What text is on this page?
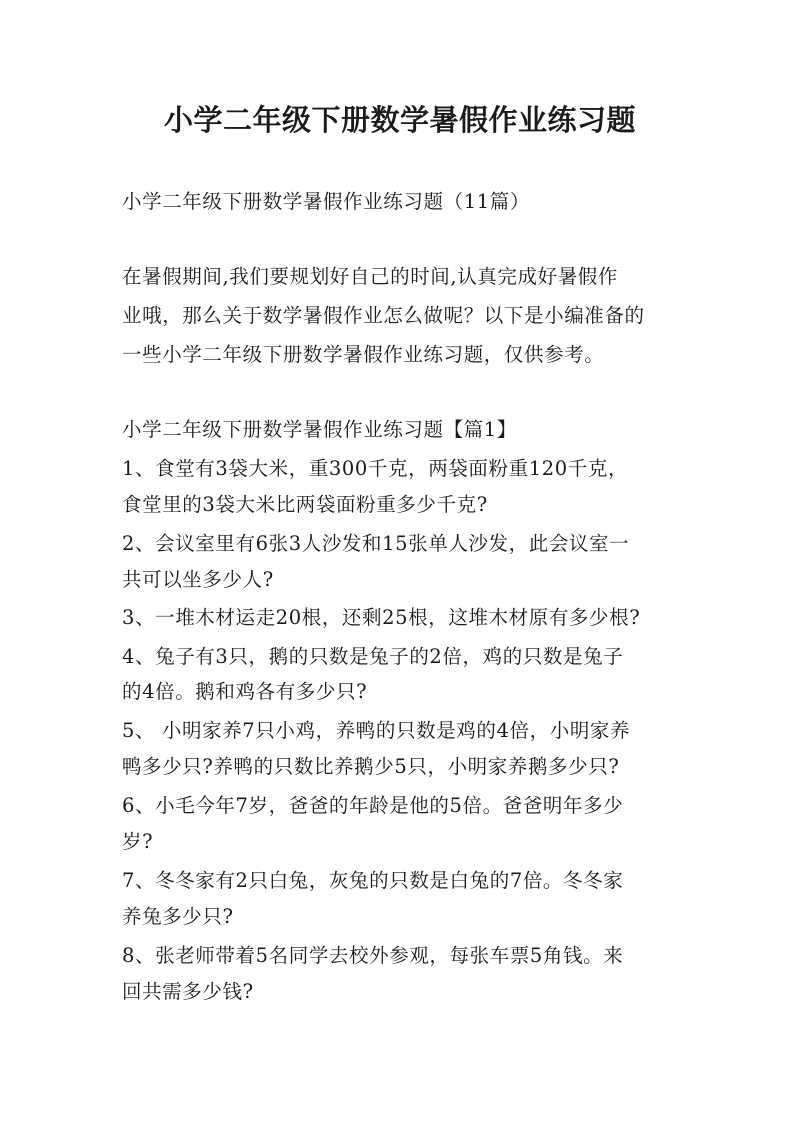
小学二年级下册数学暑假作业练习题
小学二年级下册数学暑假作业练习题（11篇）
在暑假期间,我们要规划好自己的时间,认真完成好暑假作
业哦，那么关于数学暑假作业怎么做呢？以下是小编准备的
一些小学二年级下册数学暑假作业练习题，仅供参考。
小学二年级下册数学暑假作业练习题【篇1】
1、食堂有3袋大米，重300千克，两袋面粉重120千克，
食堂里的3袋大米比两袋面粉重多少千克?
2、会议室里有6张3人沙发和15张单人沙发，此会议室一
共可以坐多少人?
3、一堆木材运走20根，还剩25根，这堆木材原有多少根?
4、兔子有3只，鹅的只数是兔子的2倍，鸡的只数是兔子
的4倍。鹅和鸡各有多少只?
5、 小明家养7只小鸡，养鸭的只数是鸡的4倍，小明家养
鸭多少只?养鸭的只数比养鹅少5只，小明家养鹅多少只?
6、小毛今年7岁，爸爸的年龄是他的5倍。爸爸明年多少
岁?
7、冬冬家有2只白兔，灰兔的只数是白兔的7倍。冬冬家
养兔多少只?
8、张老师带着5名同学去校外参观，每张车票5角钱。来
回共需多少钱?
